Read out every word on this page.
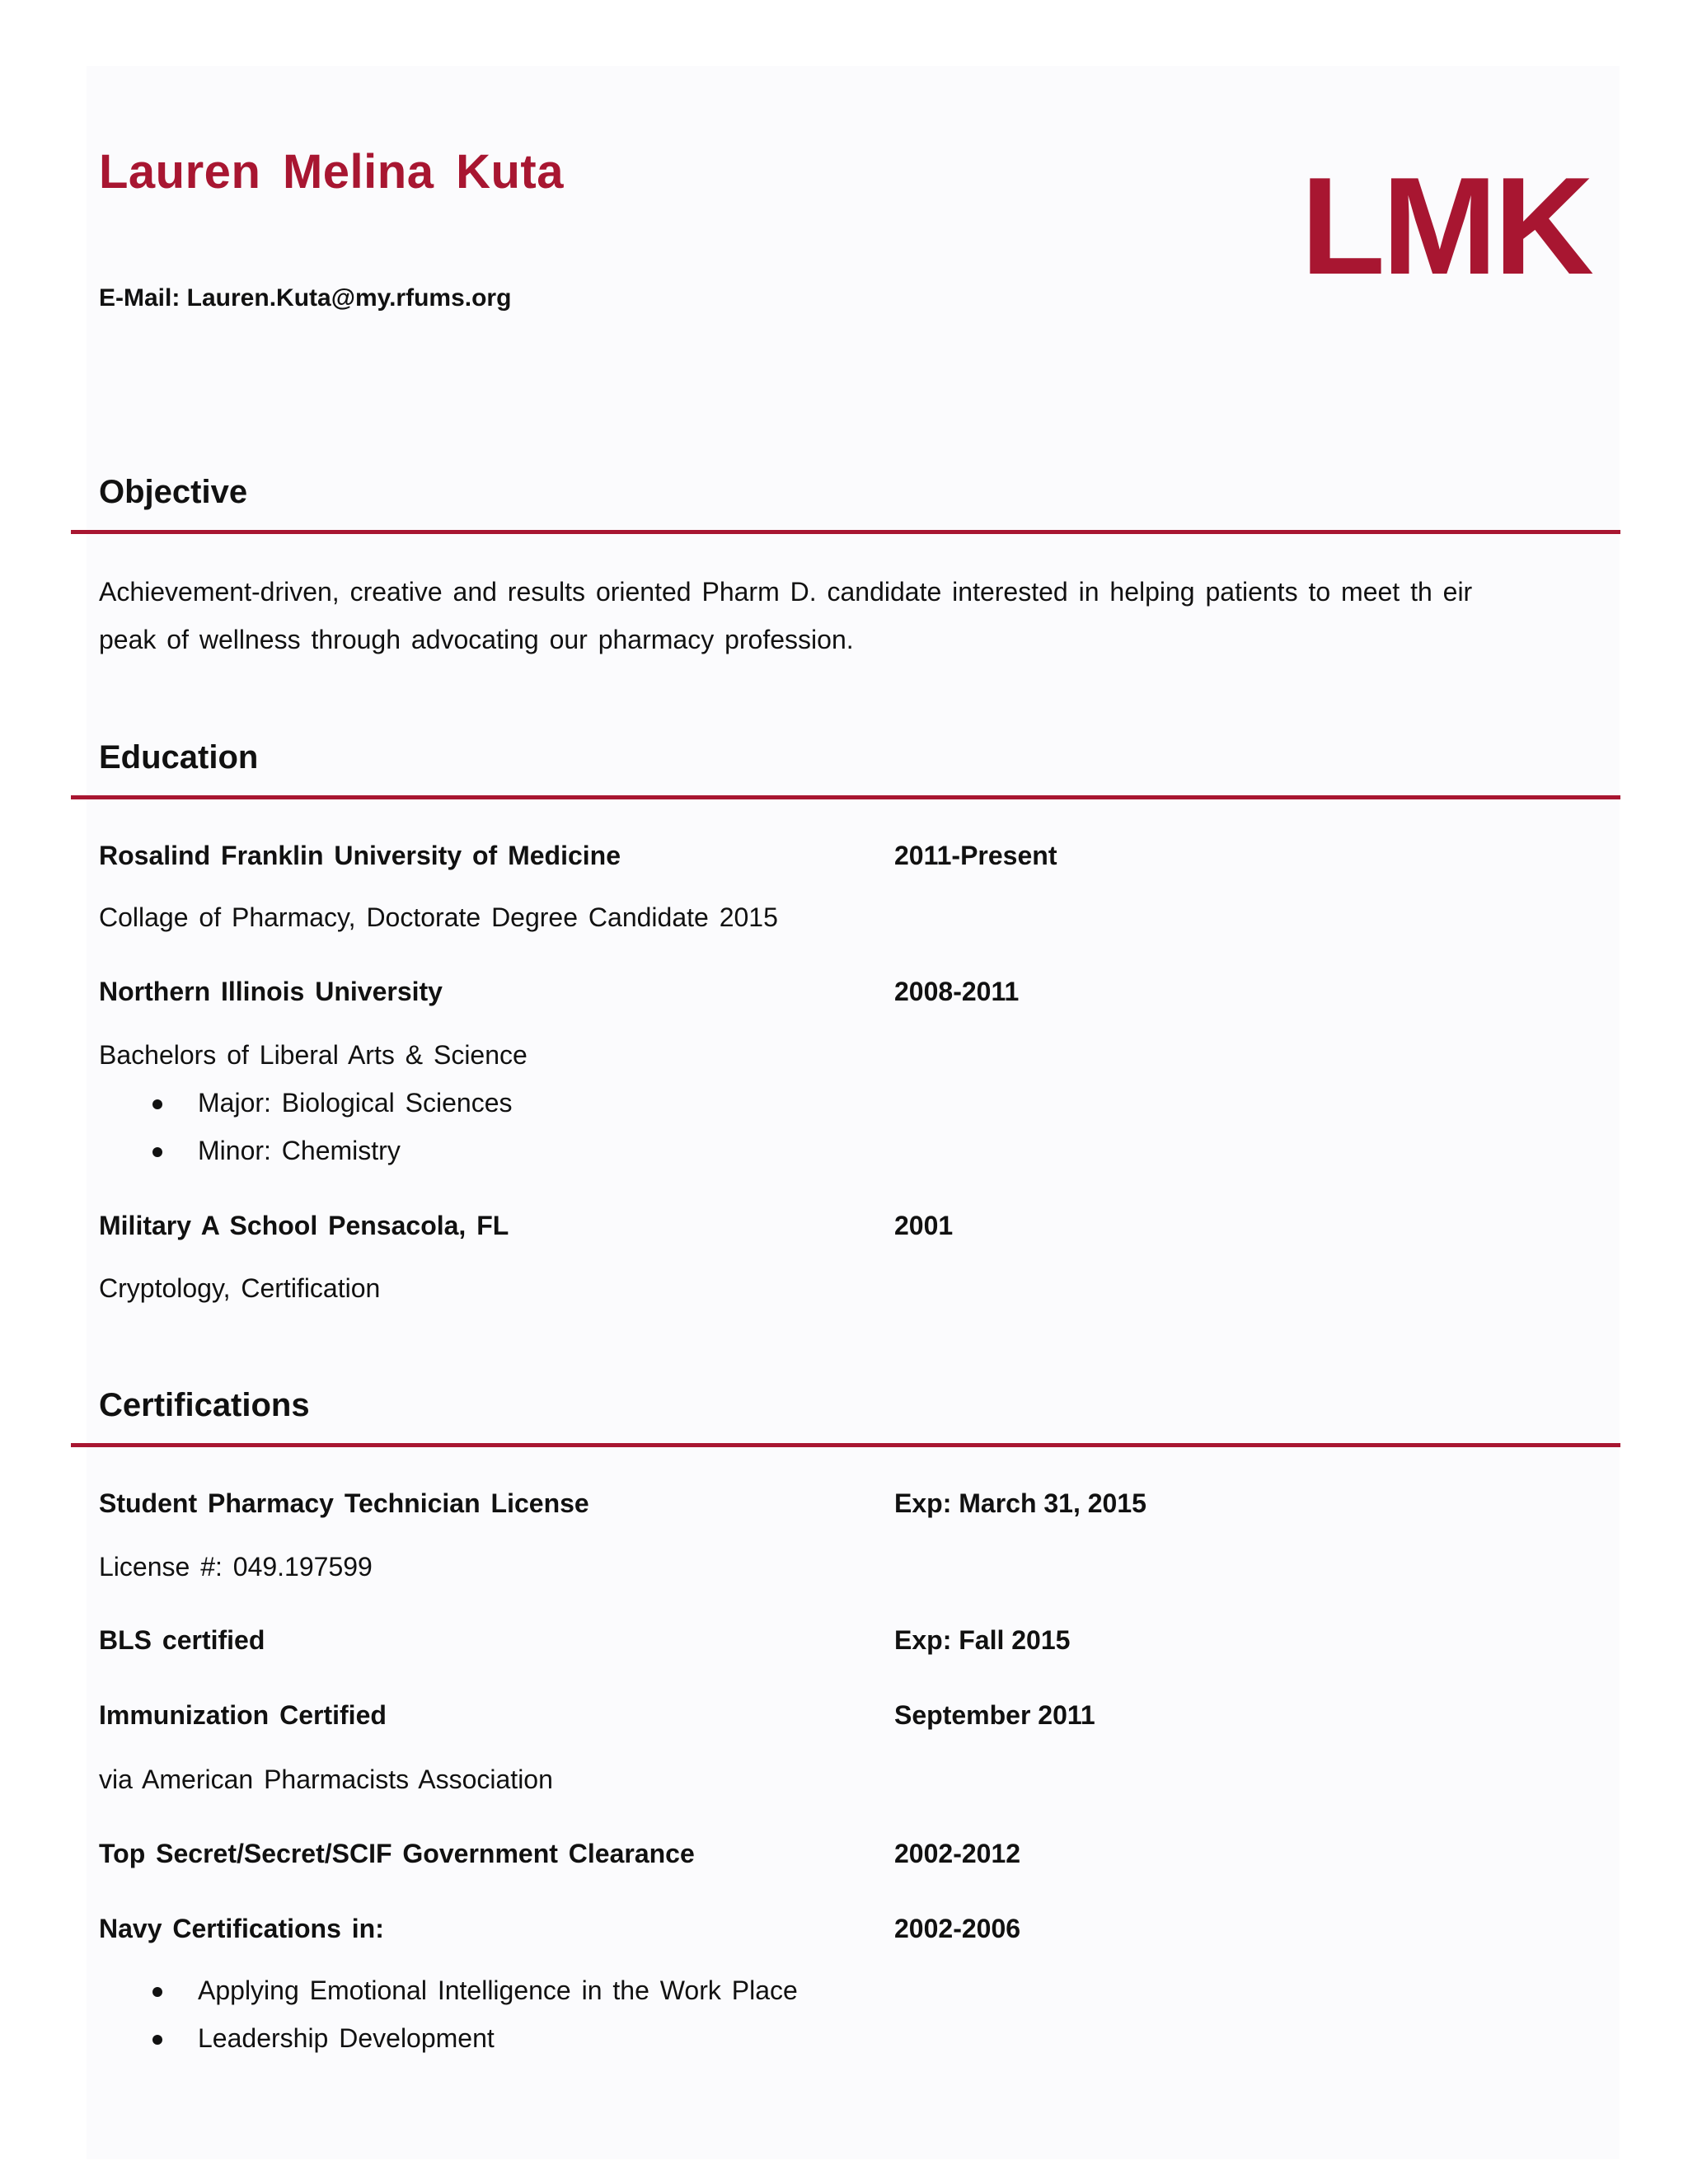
Lauren Melina Kuta	LMK
E-Mail: Lauren.Kuta@my.rfums.org
Objective
Achievement-driven, creative and results oriented Pharm D. candidate interested in helping patients to meet th eir
peak of wellness through advocating our pharmacy profession.
Education
Rosalind Franklin University of Medicine	2011-Present
Collage of Pharmacy, Doctorate Degree Candidate 2015
Northern Illinois University	2008-2011
Bachelors of Liberal Arts & Science
Major: Biological Sciences
Minor: Chemistry
Military A School Pensacola, FL	2001
Cryptology, Certification
Certifications
Student Pharmacy Technician License	Exp: March 31, 2015
License #: 049.197599
BLS certified	Exp: Fall 2015
Immunization Certified	September 2011
via American Pharmacists Association
Top Secret/Secret/SCIF Government Clearance	2002-2012
Navy Certifications in:	2002-2006
Applying Emotional Intelligence in the Work Place
Leadership Development
